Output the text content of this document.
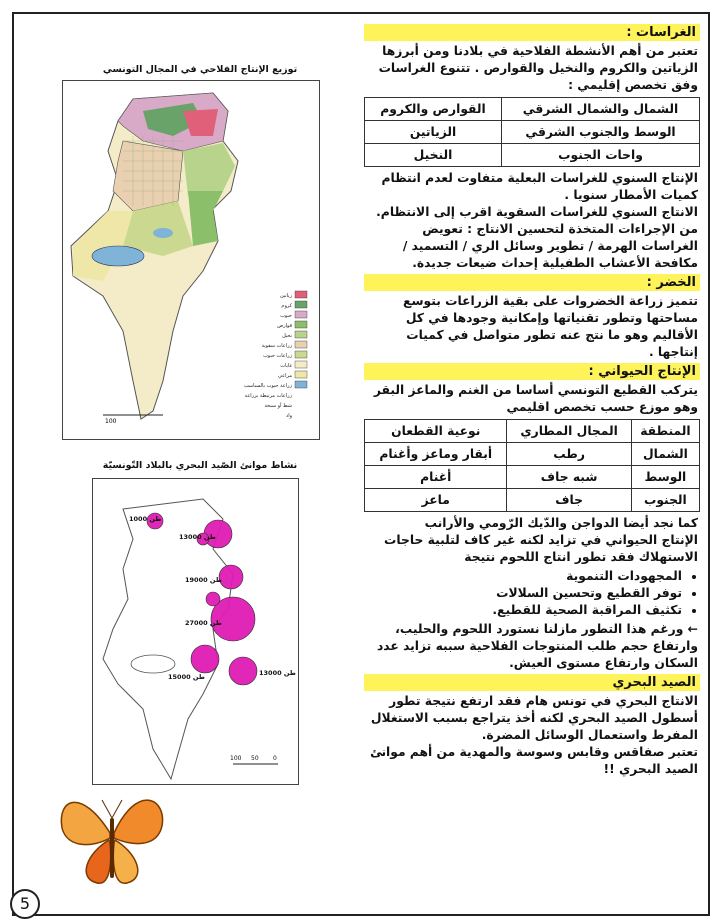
توزيع الإنتاج الفلاحي في المجال التونسي
زياتين
كروم
حبوب
قوارص
نخيل
زراعات سقوية
زراعات حبوب
غابات
مراعي
زراعة حبوب بالسباسب
زراعات مرتبطة بزراعة
شط أو سبخة
واد
100
نشاط موانئ الصّيد البحري بالبلاد التّونسيّة
1000 طن
13000 طن
19000 طن
27000 طن
15000 طن	13000 طن
100 50 0
5
الغراسات :
تعتبر من أهم الأنشطة الفلاحية في بلادنا ومن أبرزها الزياتين والكروم والنخيل والقوارص . تتنوع الغراسات وفق تخصص إقليمي :
الشمال والشمال الشرقي	القوارص والكروم
الوسط والجنوب الشرقي	الزياتين
واحات الجنوب	النخيل
الإنتاج السنوي للغراسات البعلية متفاوت لعدم انتظام كميات الأمطار سنويا .
الانتاج السنوي للغراسات السقوية اقرب إلى الانتظام.
من الإجراءات المتخذة لتحسين الانتاج : تعويض الغراسات الهرمة / تطوير وسائل الري / التسميد /مكافحة الأعشاب الطفيلية إحداث ضيعات جديدة.
الخضر :
تتميز زراعة الخضروات على بقية الزراعات بتوسع مساحتها وتطور تقنياتها وإمكانية وجودها في كل الأقاليم وهو ما نتج عنه تطور متواصل في كميات إنتاجها .
الإنتاج الحيواني :
يتركب القطيع التونسي أساسا من الغنم والماعز البقر وهو موزع حسب تخصص اقليمي
المنطقة	المجال المطاري	نوعية القطعان
الشمال	رطب	أبقار وماعز وأغنام
الوسط	شبه جاف	أغنام
الجنوب	جاف	ماعز
كما نجد أيضا الدواجن والدّيك الرّومي والأرانب
الإنتاج الحيواني في تزايد لكنه غير كاف لتلبية حاجات الاستهلاك فقد تطور انتاج اللحوم نتيجة
• المجهودات التنموية
• توفر القطيع وتحسين السلالات
• تكثيف المراقبة الصحية للقطيع.
← ورغم هذا التطور مازلنا نستورد اللحوم والحليب، وارتفاع حجم طلب المنتوجات الفلاحية سببه تزايد عدد السكان وارتفاع مستوى العيش.
الصيد البحري
الانتاج البحري في تونس هام فقد ارتفع نتيجة تطور أسطول الصيد البحري لكنه أخذ يتراجع بسبب الاستغلال المفرط واستعمال الوسائل المضرة.
تعتبر صفاقس وقابس وسوسة والمهدية من أهم موانئ الصيد البحري !!
